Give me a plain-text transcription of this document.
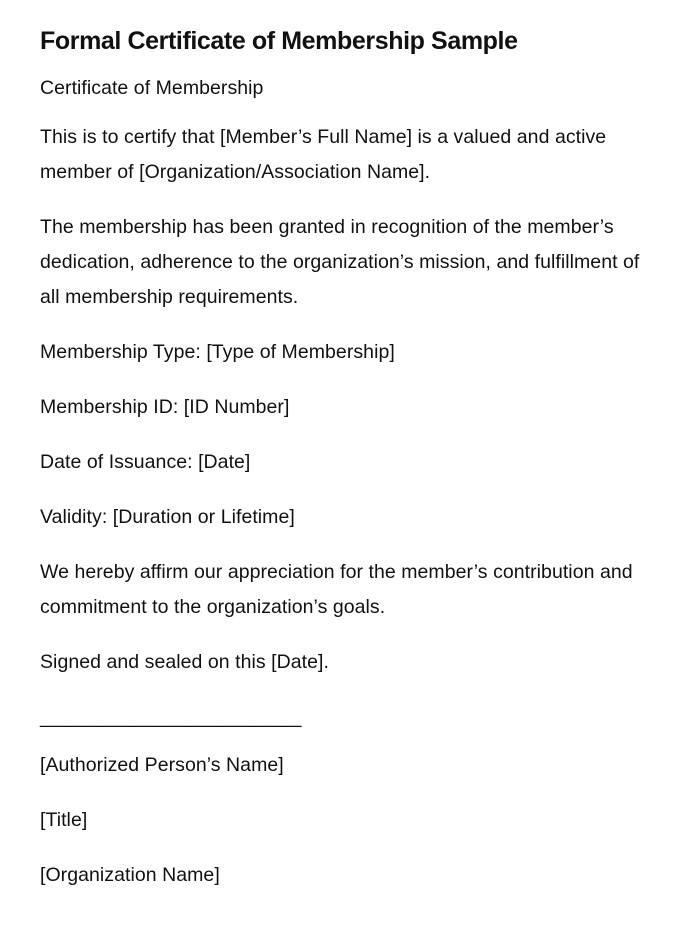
Formal Certificate of Membership Sample

Certificate of Membership

This is to certify that [Member’s Full Name] is a valued and active member of [Organization/Association Name].

The membership has been granted in recognition of the member’s dedication, adherence to the organization’s mission, and fulfillment of all membership requirements.

Membership Type: [Type of Membership]

Membership ID: [ID Number]

Date of Issuance: [Date]

Validity: [Duration or Lifetime]

We hereby affirm our appreciation for the member’s contribution and commitment to the organization’s goals.

Signed and sealed on this [Date].

________________________

[Authorized Person’s Name]

[Title]

[Organization Name]
